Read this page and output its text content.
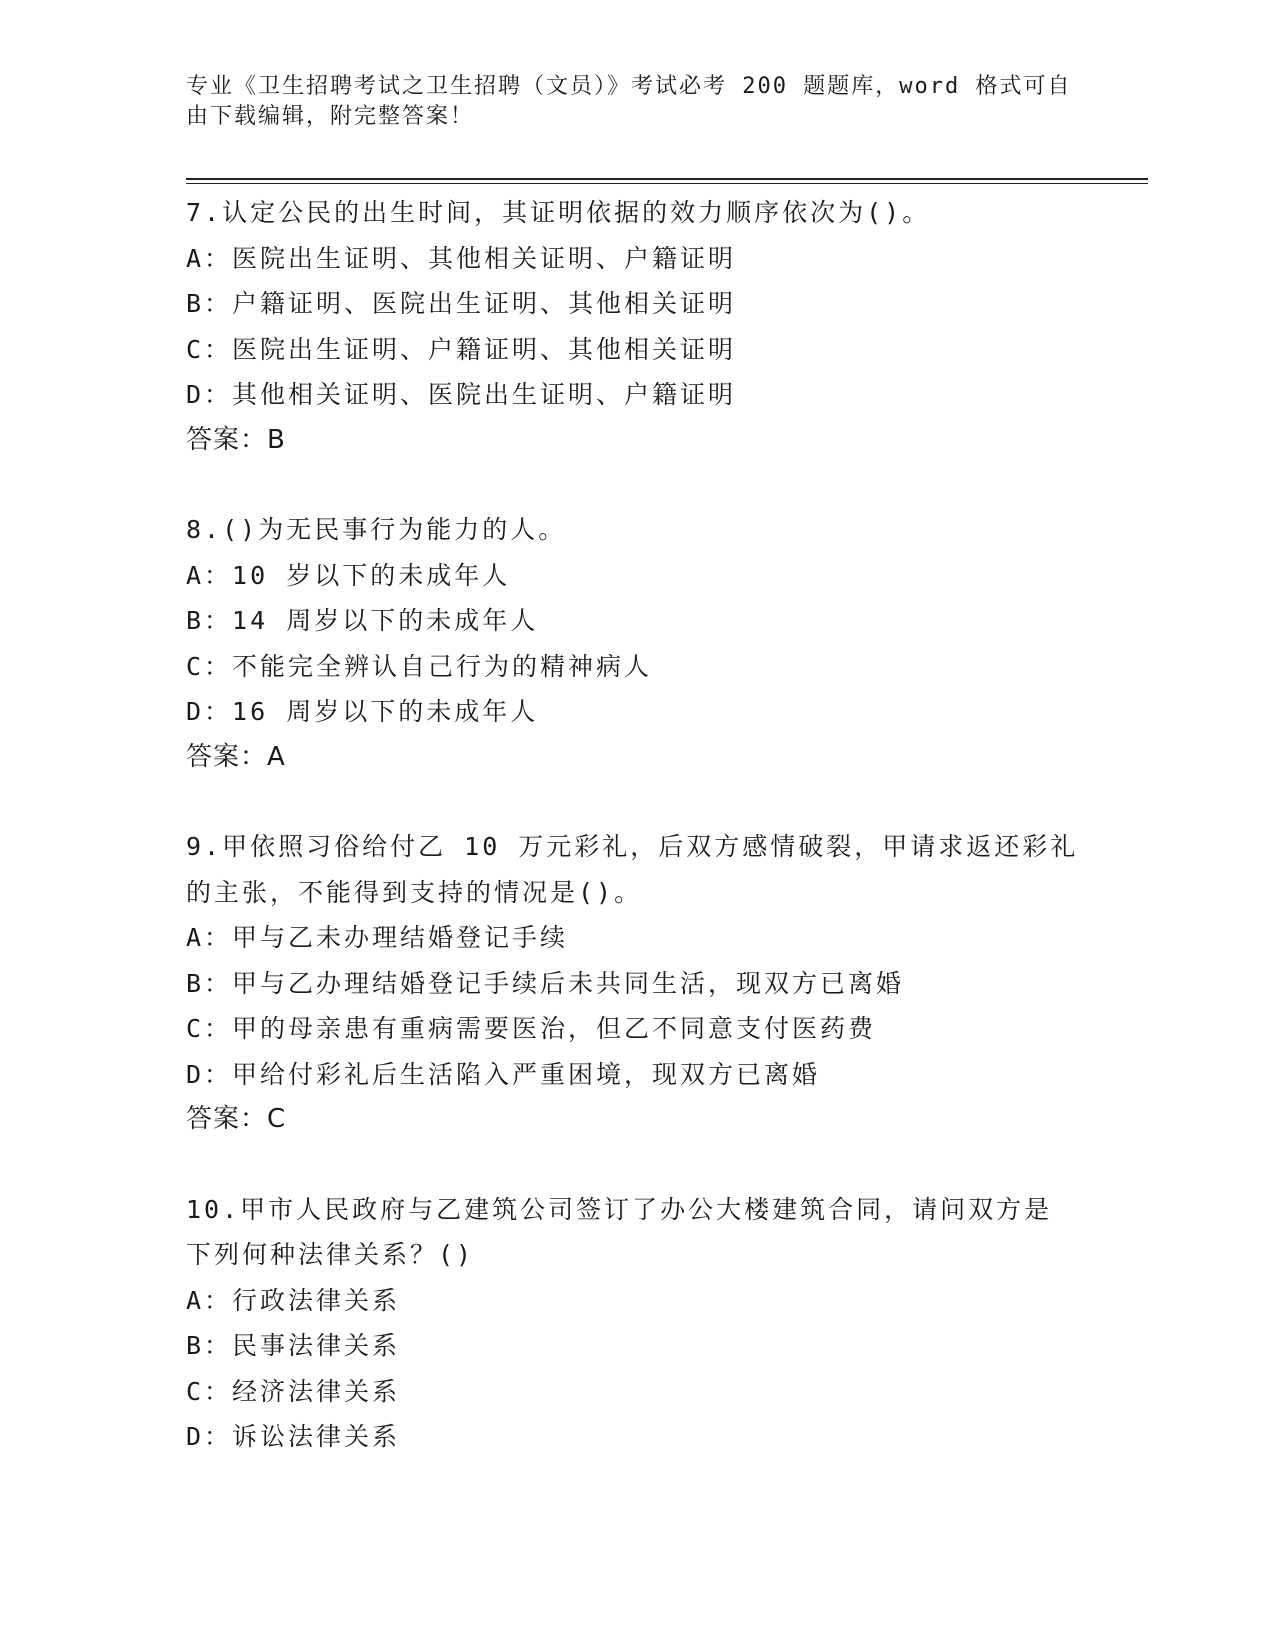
专业《卫生招聘考试之卫生招聘（文员）》考试必考 200 题题库，word 格式可自
由下载编辑，附完整答案！
7.认定公民的出生时间，其证明依据的效力顺序依次为()。
A：医院出生证明、其他相关证明、户籍证明
B：户籍证明、医院出生证明、其他相关证明
C：医院出生证明、户籍证明、其他相关证明
D：其他相关证明、医院出生证明、户籍证明
答案：B
8.()为无民事行为能力的人。
A：10 岁以下的未成年人
B：14 周岁以下的未成年人
C：不能完全辨认自己行为的精神病人
D：16 周岁以下的未成年人
答案：A
9.甲依照习俗给付乙 10 万元彩礼，后双方感情破裂，甲请求返还彩礼
的主张，不能得到支持的情况是()。
A：甲与乙未办理结婚登记手续
B：甲与乙办理结婚登记手续后未共同生活，现双方已离婚
C：甲的母亲患有重病需要医治，但乙不同意支付医药费
D：甲给付彩礼后生活陷入严重困境，现双方已离婚
答案：C
10.甲市人民政府与乙建筑公司签订了办公大楼建筑合同，请问双方是
下列何种法律关系？()
A：行政法律关系
B：民事法律关系
C：经济法律关系
D：诉讼法律关系
